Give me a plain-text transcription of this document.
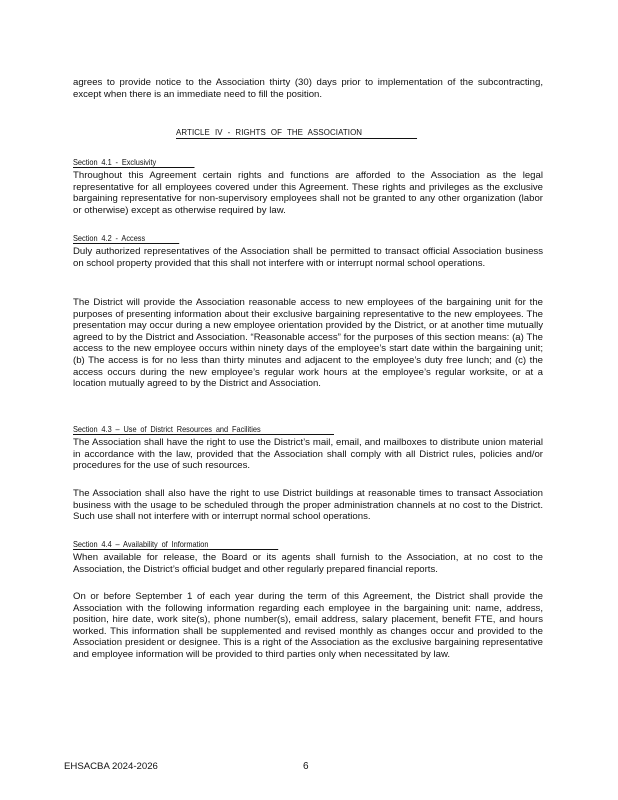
agrees to provide notice to the Association thirty (30) days prior to implementation of the subcontracting, except when there is an immediate need to fill the position.
ARTICLE IV - RIGHTS OF THE ASSOCIATION
Section 4.1 - Exclusivity
Throughout this Agreement certain rights and functions are afforded to the Association as the legal representative for all employees covered under this Agreement. These rights and privileges as the exclusive bargaining representative for non-supervisory employees shall not be granted to any other organization (labor or otherwise) except as otherwise required by law.
Section 4.2 - Access
Duly authorized representatives of the Association shall be permitted to transact official Association business on school property provided that this shall not interfere with or interrupt normal school operations.
The District will provide the Association reasonable access to new employees of the bargaining unit for the purposes of presenting information about their exclusive bargaining representative to the new employees. The presentation may occur during a new employee orientation provided by the District, or at another time mutually agreed to by the District and Association. “Reasonable access” for the purposes of this section means: (a) The access to the new employee occurs within ninety days of the employee’s start date within the bargaining unit; (b) The access is for no less than thirty minutes and adjacent to the employee’s duty free lunch; and (c) the access occurs during the new employee’s regular work hours at the employee’s regular worksite, or at a location mutually agreed to by the District and Association.
Section 4.3 – Use of District Resources and Facilities
The Association shall have the right to use the District’s mail, email, and mailboxes to distribute union material in accordance with the law, provided that the Association shall comply with all District rules, policies and/or procedures for the use of such resources.
The Association shall also have the right to use District buildings at reasonable times to transact Association business with the usage to be scheduled through the proper administration channels at no cost to the District. Such use shall not interfere with or interrupt normal school operations.
Section 4.4 – Availability of Information
When available for release, the Board or its agents shall furnish to the Association, at no cost to the Association, the District’s official budget and other regularly prepared financial reports.
On or before September 1 of each year during the term of this Agreement, the District shall provide the Association with the following information regarding each employee in the bargaining unit: name, address, position, hire date, work site(s), phone number(s), email address, salary placement, benefit FTE, and hours worked. This information shall be supplemented and revised monthly as changes occur and provided to the Association president or designee. This is a right of the Association as the exclusive bargaining representative and employee information will be provided to third parties only when necessitated by law.
EHSACBA 2024-2026	6
